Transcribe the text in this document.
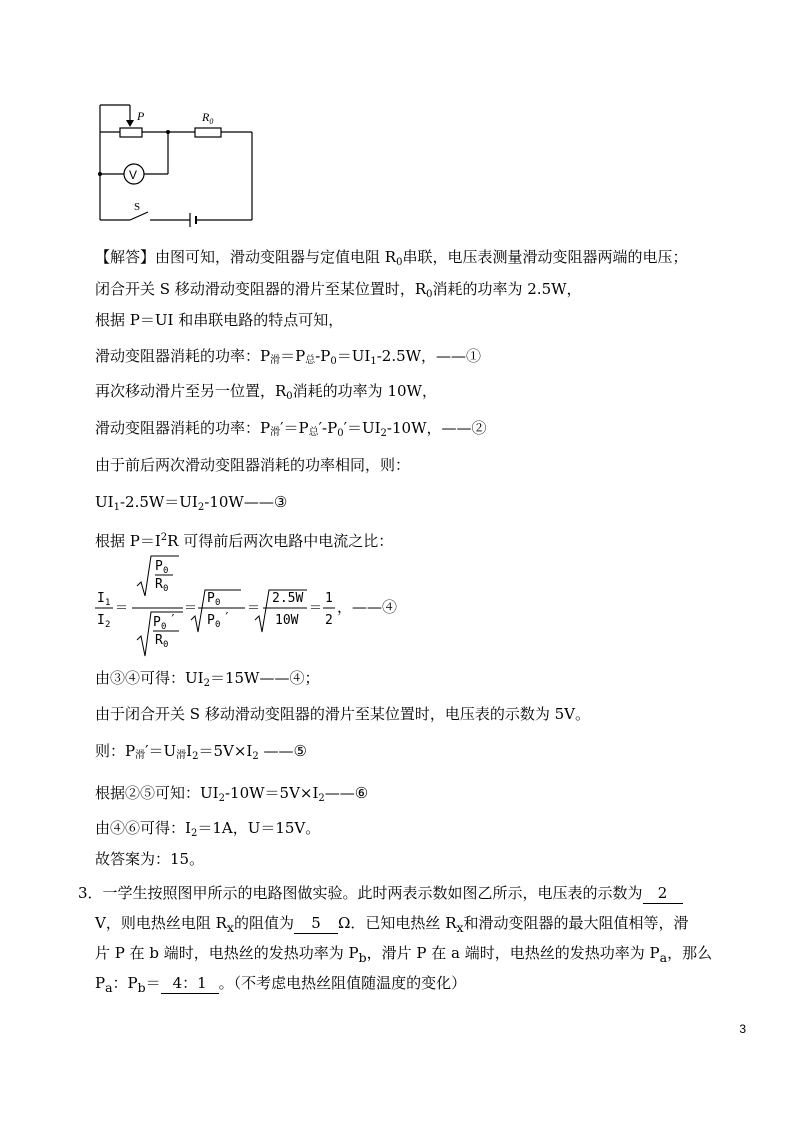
P	$R_0$
V
S
【解答】由图可知，滑动变阻器与定值电阻 $R_0$串联，电压表测量滑动变阻器两端的电压；
闭合开关 S 移动滑动变阻器的滑片至某位置时，$R_0$消耗的功率为 2.5W，
根据 P＝UI 和串联电路的特点可知，
滑动变阻器消耗的功率：P滑＝P总$-P_0=UI_1-2.5W$，——①
再次移动滑片至另一位置，$R_0$消耗的功率为 10W，
滑动变阻器消耗的功率：P滑′＝P总$'-P_0'=UI_2-10W$，——②
由于前后两次滑动变阻器消耗的功率相同，则：
$UI_1-2.5W=UI_2-10W——③$
根据 $P=I^2R$ 可得前后两次电路中电流之比：
I 1
I 2
＝
P 0
R 0
P 0 ′
R 0
＝
P 0
P 0 ′
＝
2.5W
10W
＝
1
2
，——④
由③④可得：$UI_2=15W——④$；
由于闭合开关 S 移动滑动变阻器的滑片至某位置时，电压表的示数为 5V。
则：P滑′＝U滑$I_2=5V\times I_2$ ——⑤
根据②⑤可知：$UI_2-10W=5V\times I_2——⑥$
由④⑥可得：$I_2=1A$，U＝15V。
故答案为：15。
3．一学生按照图甲所示的电路图做实验。此时两表示数如图乙所示，电压表的示数为 2
V，则电热丝电阻 $R_x$的阻值为 5 Ω．已知电热丝 $R_x$和滑动变阻器的最大阻值相等，滑
片 P 在 b 端时，电热丝的发热功率为 $P_b$，滑片 P 在 a 端时，电热丝的发热功率为 $P_a$，那么
$P_a$：$P_b= 4$：1 。（不考虑电热丝阻值随温度的变化）
3
